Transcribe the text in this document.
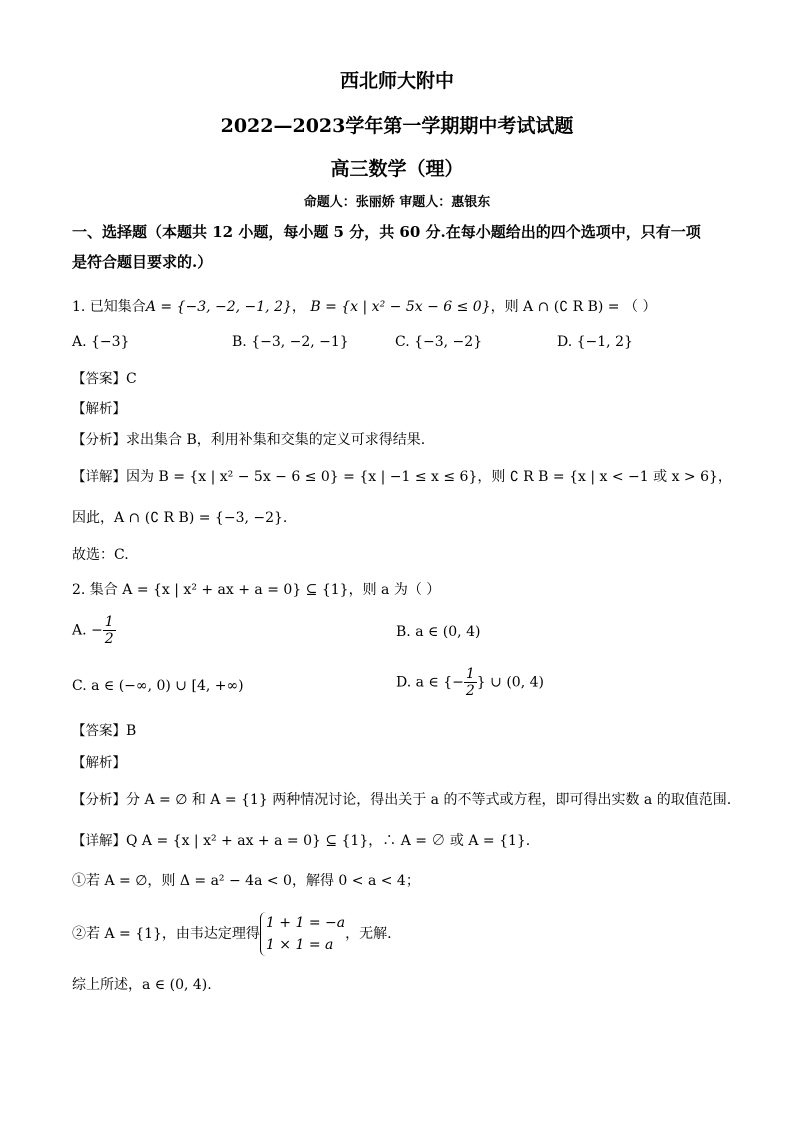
西北师大附中
2022—2023学年第一学期期中考试试题
高三数学（理）
命题人：张丽娇 审题人：惠银东
一、选择题（本题共 12 小题，每小题 5 分，共 60 分.在每小题给出的四个选项中，只有一项
是符合题目要求的.）
1. 已知集合A = {−3, −2, −1, 2}， B = {x | x² − 5x − 6 ≤ 0}，则 A ∩ (∁ R B) = （ ）
A. {−3}	B. {−3, −2, −1}	C. {−3, −2}	D. {−1, 2}
【答案】C
【解析】
【分析】求出集合 B，利用补集和交集的定义可求得结果.
【详解】因为 B = {x | x² − 5x − 6 ≤ 0} = {x | −1 ≤ x ≤ 6}，则 ∁ R B = {x | x < −1 或 x > 6}，
因此，A ∩ (∁ R B) = {−3, −2}.
故选：C.
2. 集合 A = {x | x² + ax + a = 0} ⊆ {1}，则 a 为（ ）
A. − $\frac{1}{2}$	B. a ∈ (0, 4)
C. a ∈ (−∞, 0) ∪ [4, +∞)	D. a ∈ {− $\frac{1}{2}$ } ∪ (0, 4)
【答案】B
【解析】
【分析】分 A = ∅ 和 A = {1} 两种情况讨论，得出关于 a 的不等式或方程，即可得出实数 a 的取值范围.
【详解】Q A = {x | x² + ax + a = 0} ⊆ {1}，∴ A = ∅ 或 A = {1}.
①若 A = ∅，则 Δ = a² − 4a < 0，解得 0 < a < 4；
②若 A = {1}，由韦达定理得
1 + 1 = −a
1 × 1 = a
，无解.
综上所述，a ∈ (0, 4).
